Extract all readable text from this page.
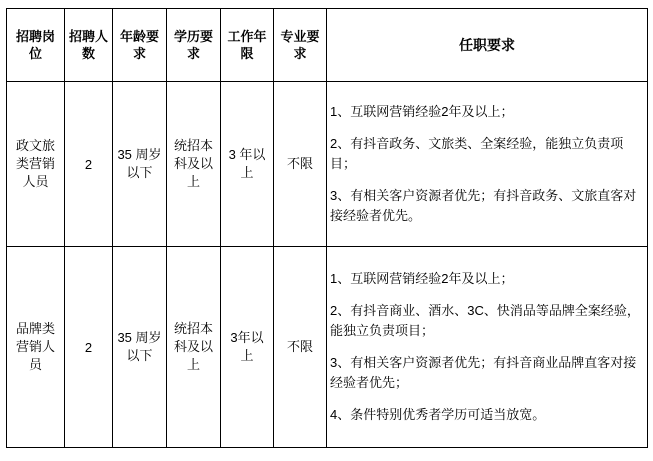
招聘岗位	招聘人数	年龄要求	学历要求	工作年限	专业要求	任职要求
政文旅类营销人员	2	35 周岁以下	统招本科及以上	3 年以上	不限	1、互联网营销经验2年及以上；

2、有抖音政务、文旅类、全案经验，能独立负责项目；

3、有相关客户资源者优先；有抖音政务、文旅直客对接经验者优先。

品牌类营销人员	2	35 周岁以下	统招本科及以上	3年以上	不限	1、互联网营销经验2年及以上；

2、有抖音商业、酒水、3C、快消品等品牌全案经验，能独立负责项目；

3、有相关客户资源者优先；有抖音商业品牌直客对接经验者优先；

4、条件特别优秀者学历可适当放宽。
